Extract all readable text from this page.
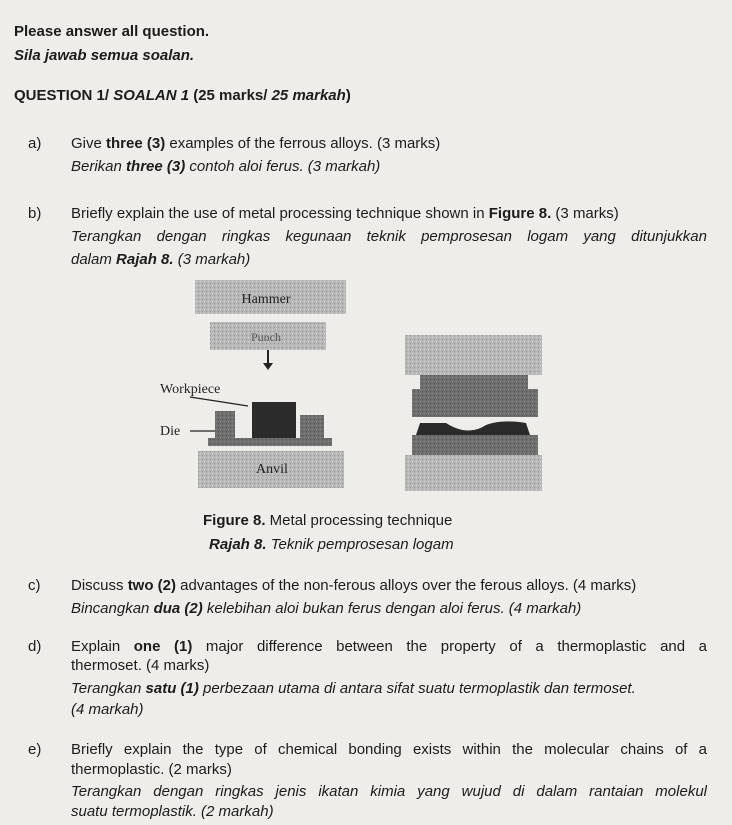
Please answer all question.
Sila jawab semua soalan.
QUESTION 1/ SOALAN 1 (25 marks/ 25 markah)
a) Give three (3) examples of the ferrous alloys. (3 marks)
Berikan three (3) contoh aloi ferus. (3 markah)
b) Briefly explain the use of metal processing technique shown in Figure 8. (3 marks)
Terangkan dengan ringkas kegunaan teknik pemprosesan logam yang ditunjukkan
dalam Rajah 8. (3 markah)
Hammer
Punch
Workpiece
Die
Anvil
Figure 8. Metal processing technique
Rajah 8. Teknik pemprosesan logam
c) Discuss two (2) advantages of the non-ferous alloys over the ferous alloys. (4 marks)
Bincangkan dua (2) kelebihan aloi bukan ferus dengan aloi ferus. (4 markah)
d) Explain one (1) major difference between the property of a thermoplastic and a
thermoset. (4 marks)
Terangkan satu (1) perbezaan utama di antara sifat suatu termoplastik dan termoset.
(4 markah)
e) Briefly explain the type of chemical bonding exists within the molecular chains of a
thermoplastic. (2 marks)
Terangkan dengan ringkas jenis ikatan kimia yang wujud di dalam rantaian molekul
suatu termoplastik. (2 markah)
